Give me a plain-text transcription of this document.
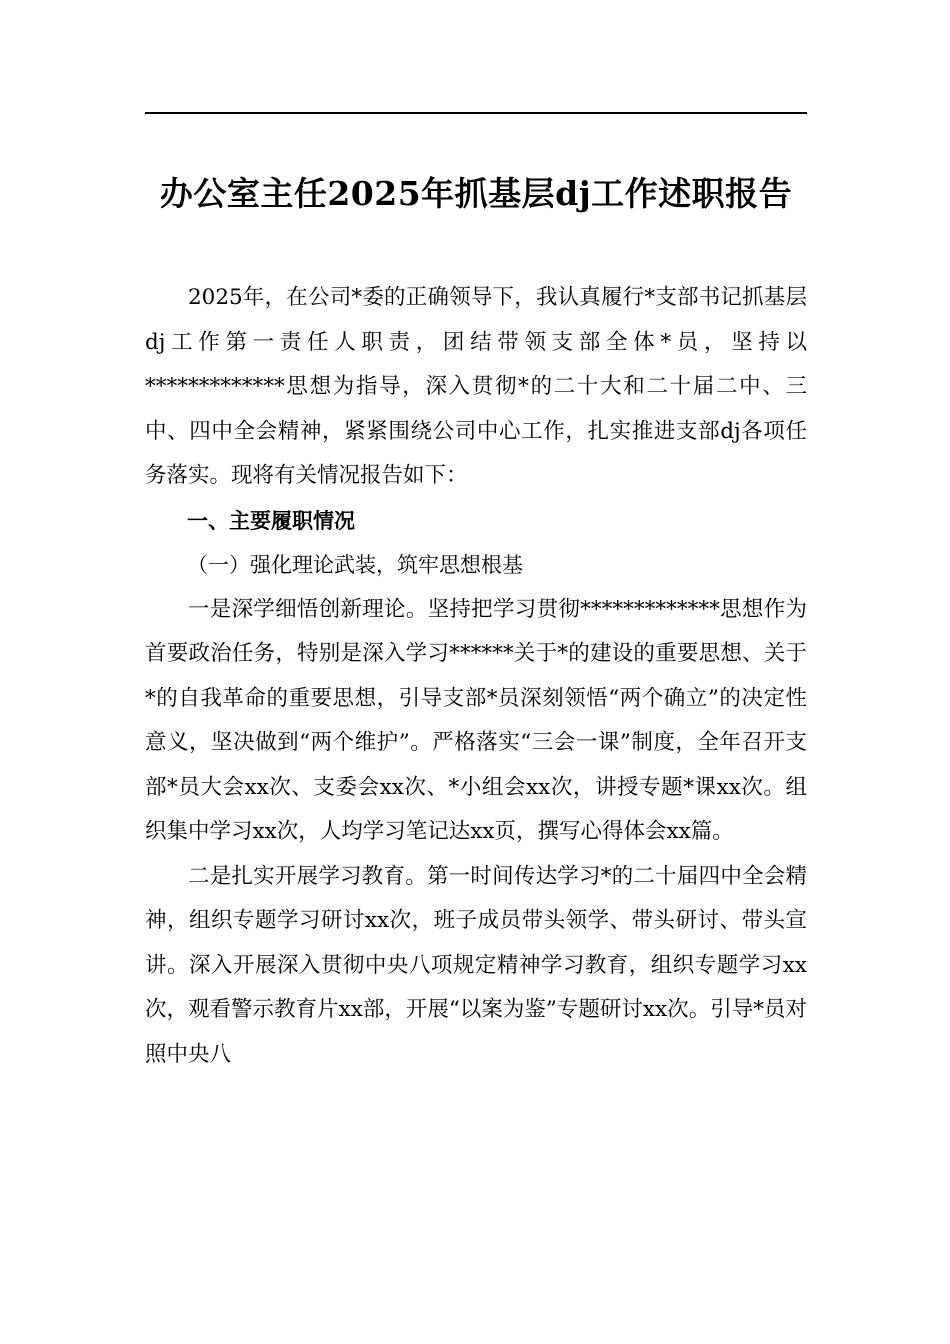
办公室主任2025年抓基层dj工作述职报告

2025年，在公司*委的正确领导下，我认真履行*支部书记抓基层dj工作第一责任人职责，团结带领支部全体*员，坚持以*************思想为指导，深入贯彻*的二十大和二十届二中、三中、四中全会精神，紧紧围绕公司中心工作，扎实推进支部dj各项任务落实。现将有关情况报告如下：

一、主要履职情况

（一）强化理论武装，筑牢思想根基

一是深学细悟创新理论。坚持把学习贯彻*************思想作为首要政治任务，特别是深入学习******关于*的建设的重要思想、关于*的自我革命的重要思想，引导支部*员深刻领悟“两个确立”的决定性意义，坚决做到“两个维护”。严格落实“三会一课”制度，全年召开支部*员大会xx次、支委会xx次、*小组会xx次，讲授专题*课xx次。组织集中学习xx次，人均学习笔记达xx页，撰写心得体会xx篇。

二是扎实开展学习教育。第一时间传达学习*的二十届四中全会精神，组织专题学习研讨xx次，班子成员带头领学、带头研讨、带头宣讲。深入开展深入贯彻中央八项规定精神学习教育，组织专题学习xx次，观看警示教育片xx部，开展“以案为鉴”专题研讨xx次。引导*员对照中央八
